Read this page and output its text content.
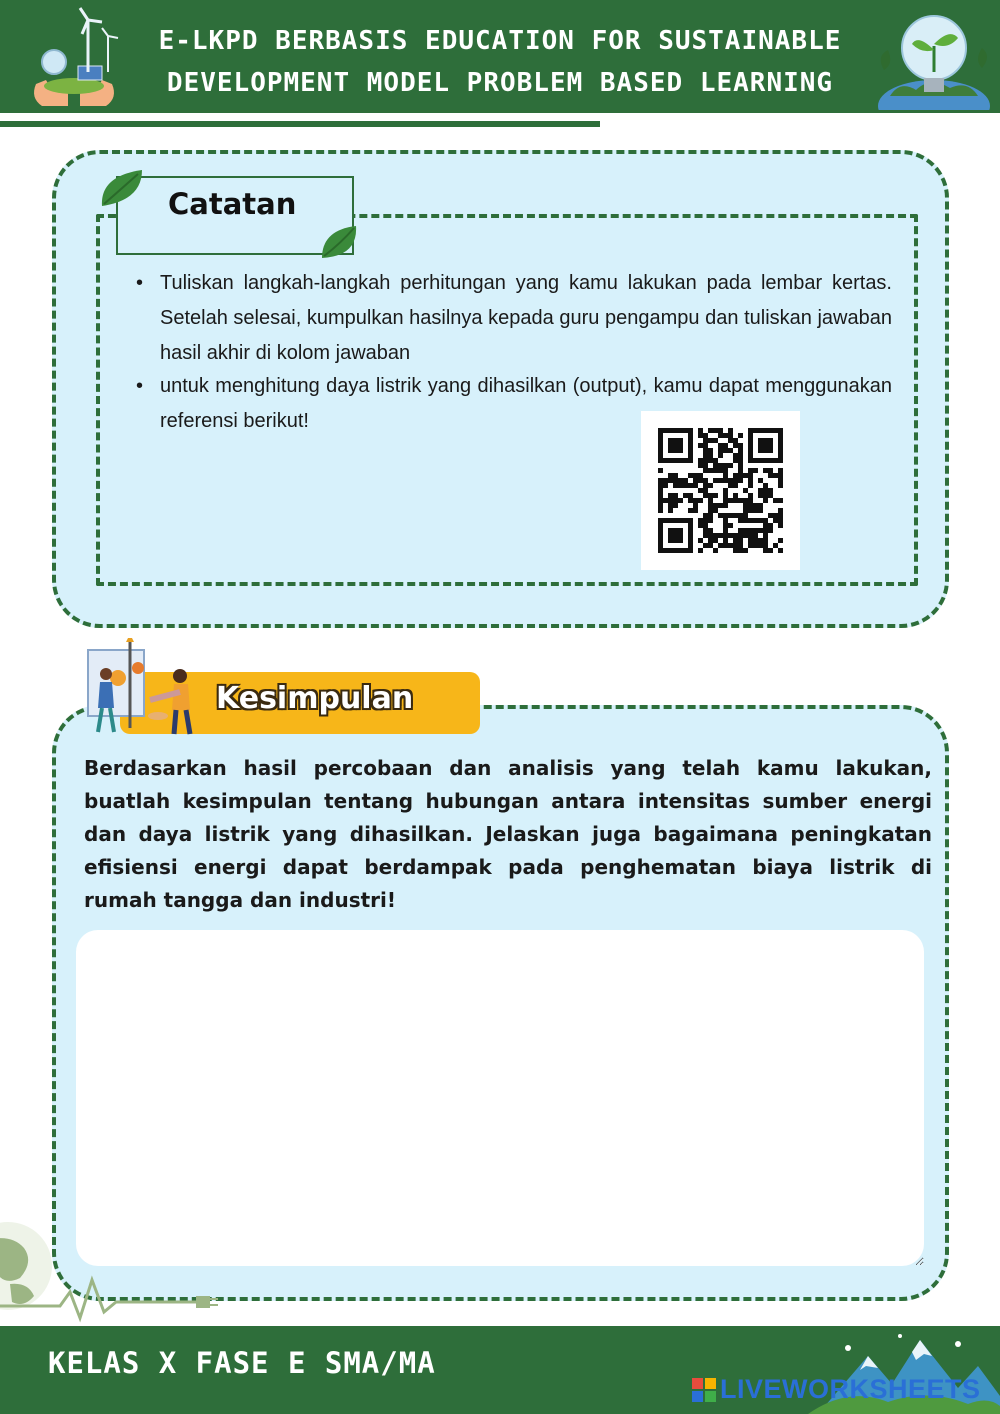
E-LKPD BERBASIS EDUCATION FOR SUSTAINABLE
DEVELOPMENT MODEL PROBLEM BASED LEARNING
Catatan
• Tuliskan langkah-langkah perhitungan yang kamu lakukan pada lembar kertas. Setelah selesai, kumpulkan hasilnya kepada guru pengampu dan tuliskan jawaban hasil akhir di kolom jawaban
• untuk menghitung daya listrik yang dihasilkan (output), kamu dapat menggunakan referensi berikut!
Kesimpulan
Berdasarkan hasil percobaan dan analisis yang telah kamu lakukan, buatlah kesimpulan tentang hubungan antara intensitas sumber energi dan daya listrik yang dihasilkan. Jelaskan juga bagaimana peningkatan efisiensi energi dapat berdampak pada penghematan biaya listrik di rumah tangga dan industri!
KELAS X FASE E SMA/MA
LIVEWORKSHEETS
